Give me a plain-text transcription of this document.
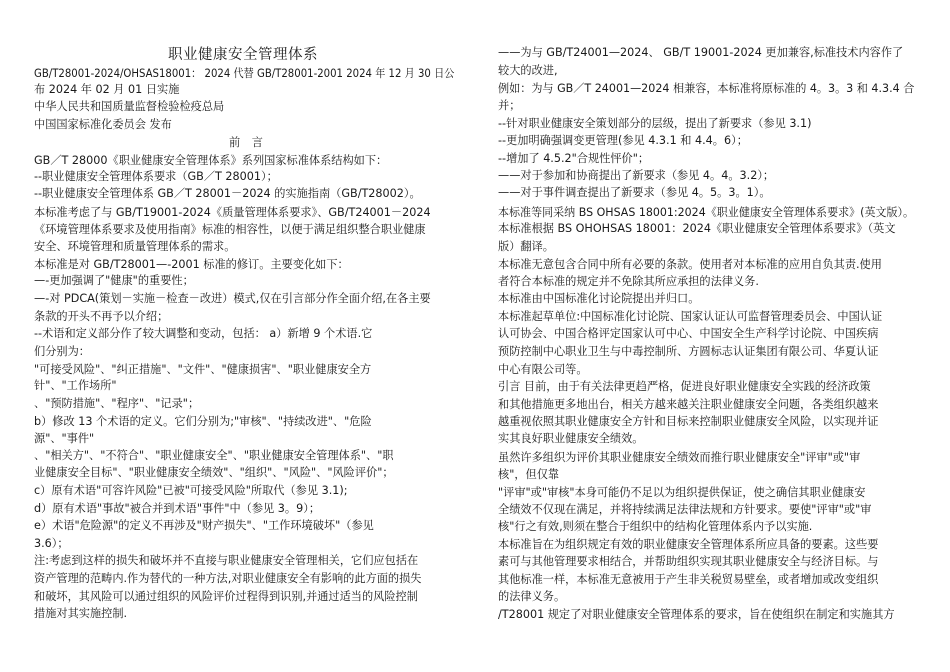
职业健康安全管理体系
GB/T28001-2024/OHSAS18001： 2024 代替 GB/T28001-2001 2024 年 12 月 30 日公
布 2024 年 02 月 01 日实施
中华人民共和国质量监督检验检疫总局
中国国家标准化委员会 发布
前 言
GB／T 28000《职业健康安全管理体系》系列国家标准体系结构如下：
--职业健康安全管理体系要求（GB／T 28001）；
--职业健康安全管理体系 GB／T 28001－2024 的实施指南（GB/T28002）。
本标准考虑了与 GB/T19001-2024《质量管理体系要求》、GB/T24001－2024
《环境管理体系要求及使用指南》标准的相容性，以便于满足组织整合职业健康
安全、环境管理和质量管理体系的需求。
本标准是对 GB/T28001—-2001 标准的修订。主要变化如下：
—-更加强调了"健康"的重要性；
—-对 PDCA(策划－实施－检查－改进）模式,仅在引言部分作全面介绍,在各主要
条款的开头不再予以介绍；
--术语和定义部分作了较大调整和变动，包括： a）新增 9 个术语.它
们分别为：
"可接受风险"、"纠正措施"、"文件"、"健康损害"、"职业健康安全方
针"、"工作场所"
、"预防措施"、"程序"、"记录"；
b）修改 13 个术语的定义。它们分别为;"审核"、"持续改进"、"危险
源"、"事件"
、"相关方"、"不符合"、"职业健康安全"、"职业健康安全管理体系"、"职
业健康安全目标"、"职业健康安全绩效"、"组织"、"风险"、"风险评价"；
c）原有术语"可容许风险"已被"可接受风险"所取代（参见 3.1);
d）原有术语"事故"被合并到术语"事件"中（参见 3。9）；
e）术语"危险源"的定义不再涉及"财产损失"、"工作环境破坏"（参见
3.6）；
注:考虑到这样的损失和破坏并不直接与职业健康安全管理相关，它们应包括在
资产管理的范畴内.作为替代的一种方法,对职业健康安全有影响的此方面的损失
和破坏，其风险可以通过组织的风险评价过程得到识别,并通过适当的风险控制
措施对其实施控制.
——为与 GB/T24001—2024、 GB/T 19001-2024 更加兼容,标准技术内容作了
较大的改进,
例如：为与 GB／T 24001—2024 相兼容，本标准将原标准的 4。3。3 和 4.3.4 合
并；
--针对职业健康安全策划部分的层级，提出了新要求（参见 3.1)
--更加明确强调变更管理(参见 4.3.1 和 4.4。6）；
--增加了 4.5.2"合规性怦价"；
——对于参加和协商提出了新要求（参见 4。4。3.2）；
——对于事件调查提出了新要求（参见 4。5。3。1）。
本标准等同采纳 BS OHSAS 18001:2024《职业健康安全管理体系要求》(英文版）。
本标准根据 BS OHOHSAS 18001：2024《职业健康安全管理体系要求》（英文
版）翻译。
本标准无意包含合同中所有必要的条款。使用者对本标准的应用自负其责.使用
者符合本标准的规定并不免除其所应承担的法律义务.
本标准由中国标准化讨论院提出并归口。
本标准起草单位:中国标准化讨论院、国家认证认可监督管理委员会、中国认证
认可协会、中国合格评定国家认可中心、中国安全生产科学讨论院、中国疾病
预防控制中心职业卫生与中毒控制所、方圆标志认证集团有限公司、华夏认证
中心有限公司等。
引言 目前，由于有关法律更趋严格，促进良好职业健康安全实践的经济政策
和其他措施更多地出台，相关方越来越关注职业健康安全问题，各类组织越来
越重视依照其职业健康安全方针和目标来控制职业健康安全风险，以实现并证
实其良好职业健康安全绩效。
虽然许多组织为评价其职业健康安全绩效而推行职业健康安全"评审"或"审
核"，但仅靠
"评审"或"审核"本身可能仍不足以为组织提供保证，使之确信其职业健康安
全绩效不仅现在满足，并将持续满足法律法规和方针要求。要使"评审"或"审
核"行之有效,则须在整合于组织中的结构化管理体系内予以实施.
本标准旨在为组织规定有效的职业健康安全管理体系所应具备的要素。这些要
素可与其他管理要求相结合，并帮助组织实现其职业健康安全与经济目标。与
其他标准一样，本标准无意被用于产生非关税贸易壁垒，或者增加或改变组织
的法律义务。
/T28001 规定了对职业健康安全管理体系的要求，旨在使组织在制定和实施其方
